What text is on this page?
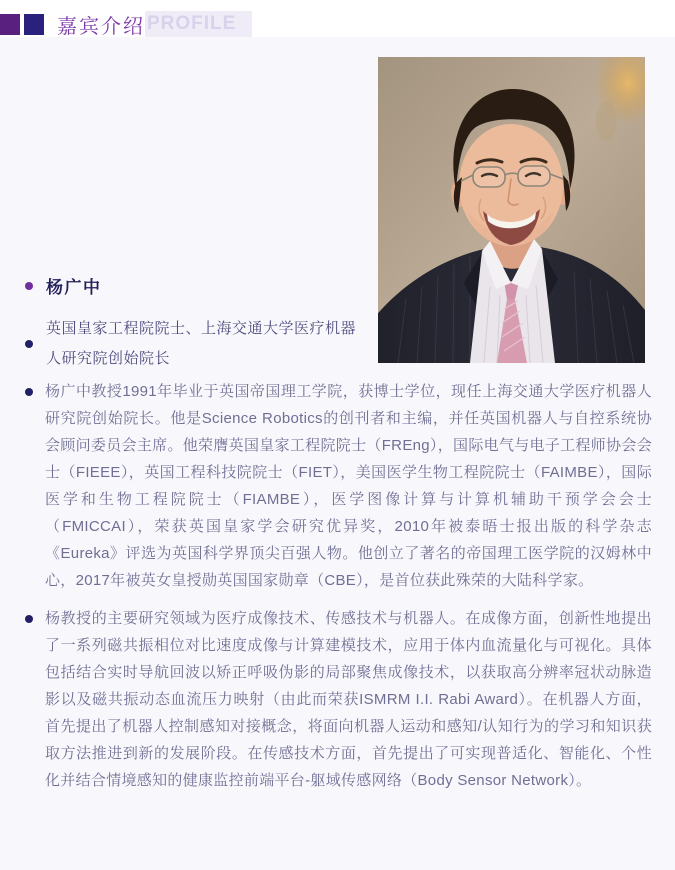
嘉宾介绍 PROFILE
杨广中
英国皇家工程院院士、上海交通大学医疗机器人研究院创始院长

杨广中教授1991年毕业于英国帝国理工学院，获博士学位，现任上海交通大学医疗机器人研究院创始院长。他是Science Robotics的创刊者和主编，并任英国机器人与自控系统协会顾问委员会主席。他荣膺英国皇家工程院院士（FREng），国际电气与电子工程师协会会士（FIEEE），英国工程科技院院士（FIET），美国医学生物工程院院士（FAIMBE），国际医学和生物工程院院士（FIAMBE），医学图像计算与计算机辅助干预学会会士（FMICCAI），荣获英国皇家学会研究优异奖，2010年被泰晤士报出版的科学杂志《Eureka》评选为英国科学界顶尖百强人物。他创立了著名的帝国理工医学院的汉姆林中心，2017年被英女皇授勋英国国家勋章（CBE），是首位获此殊荣的大陆科学家。

杨教授的主要研究领域为医疗成像技术、传感技术与机器人。在成像方面，创新性地提出了一系列磁共振相位对比速度成像与计算建模技术，应用于体内血流量化与可视化。具体包括结合实时导航回波以矫正呼吸伪影的局部聚焦成像技术，以获取高分辨率冠状动脉造影以及磁共振动态血流压力映射（由此而荣获ISMRM I.I. Rabi Award）。在机器人方面，首先提出了机器人控制感知对接概念，将面向机器人运动和感知/认知行为的学习和知识获取方法推进到新的发展阶段。在传感技术方面，首先提出了可实现普适化、智能化、个性化并结合情境感知的健康监控前端平台-躯域传感网络（Body Sensor Network）。
